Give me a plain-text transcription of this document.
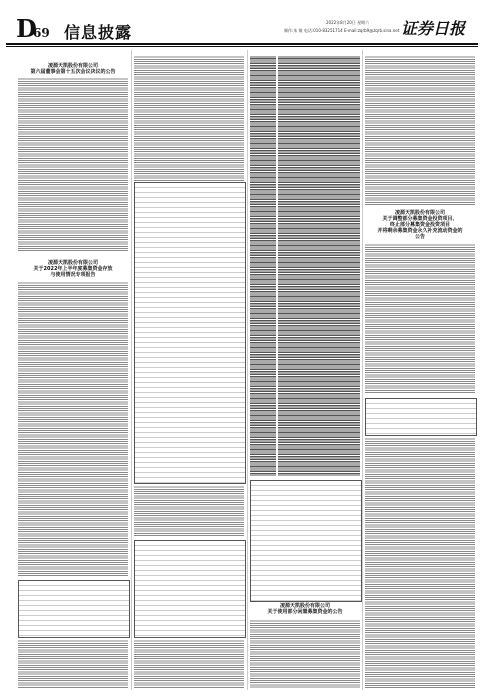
D
69 信息披露
2022年8月20日 星期六
制作:朱 敏 电话:010-83251714 E-mail:zqrb9@zqrb.sina.net 证券日报
凌源天凯股份有限公司
第六届董事会第十五次会议决议的公告
凌源天凯股份有限公司
关于2022年上半年度募集资金存放
与使用情况专项报告
凌源天凯股份有限公司
关于使用部分闲置募集资金的公告
凌源天凯股份有限公司
关于调整部分募集资金投资项目、
终止部分募集资金投资项目
并将剩余募集资金永久补充流动资金的
公告
